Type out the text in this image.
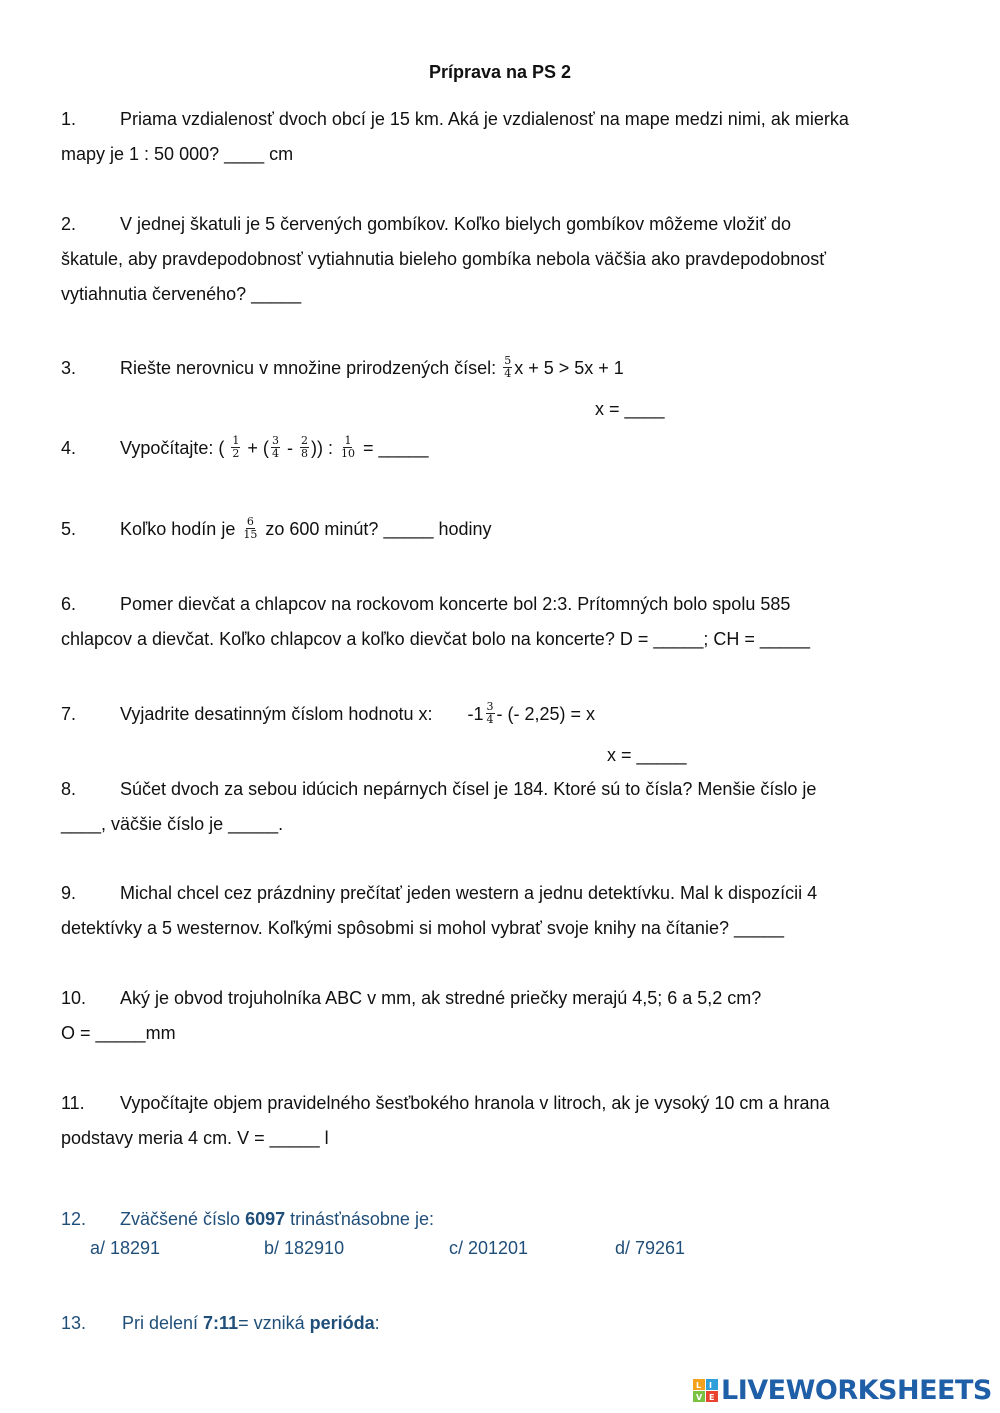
Príprava na PS 2
1. Priama vzdialenosť dvoch obcí je 15 km. Aká je vzdialenosť na mape medzi nimi, ak mierka
mapy je 1 : 50 000? ____ cm
2. V jednej škatuli je 5 červených gombíkov. Koľko bielych gombíkov môžeme vložiť do
škatule, aby pravdepodobnosť vytiahnutia bieleho gombíka nebola väčšia ako pravdepodobnosť
vytiahnutia červeného? _____
3. Riešte nerovnicu v množine prirodzených čísel: $\frac{5}{4}$ x + 5 > 5x + 1
x = ____
4. Vypočítajte: ( $\frac{1}{2}$ + ( $\frac{3}{4} - \frac{2}{8}$ )) : $\frac{1}{10}$ = _____
5. Koľko hodín je $\frac{6}{15}$ zo 600 minút? _____ hodiny
6. Pomer dievčat a chlapcov na rockovom koncerte bol 2:3. Prítomných bolo spolu 585
chlapcov a dievčat. Koľko chlapcov a koľko dievčat bolo na koncerte? D = _____; CH = _____
7. Vyjadrite desatinným číslom hodnotu x: $-1 \frac{3}{4}$ - (- 2,25) = x
x = _____
8. Súčet dvoch za sebou idúcich nepárnych čísel je 184. Ktoré sú to čísla? Menšie číslo je
____, väčšie číslo je _____.
9. Michal chcel cez prázdniny prečítať jeden western a jednu detektívku. Mal k dispozícii 4
detektívky a 5 westernov. Koľkými spôsobmi si mohol vybrať svoje knihy na čítanie? _____
10. Aký je obvod trojuholníka ABC v mm, ak stredné priečky merajú 4,5; 6 a 5,2 cm?
O = _____mm
11. Vypočítajte objem pravidelného šesťbokého hranola v litroch, ak je vysoký 10 cm a hrana
podstavy meria 4 cm. V = _____ l
12. Zväčšené číslo 6097 trinásťnásobne je:
a/ 18291	b/ 182910	c/ 201201	d/ 79261
13. Pri delení 7:11= vzniká perióda:
L I
V E LIVEWORKSHEETS
